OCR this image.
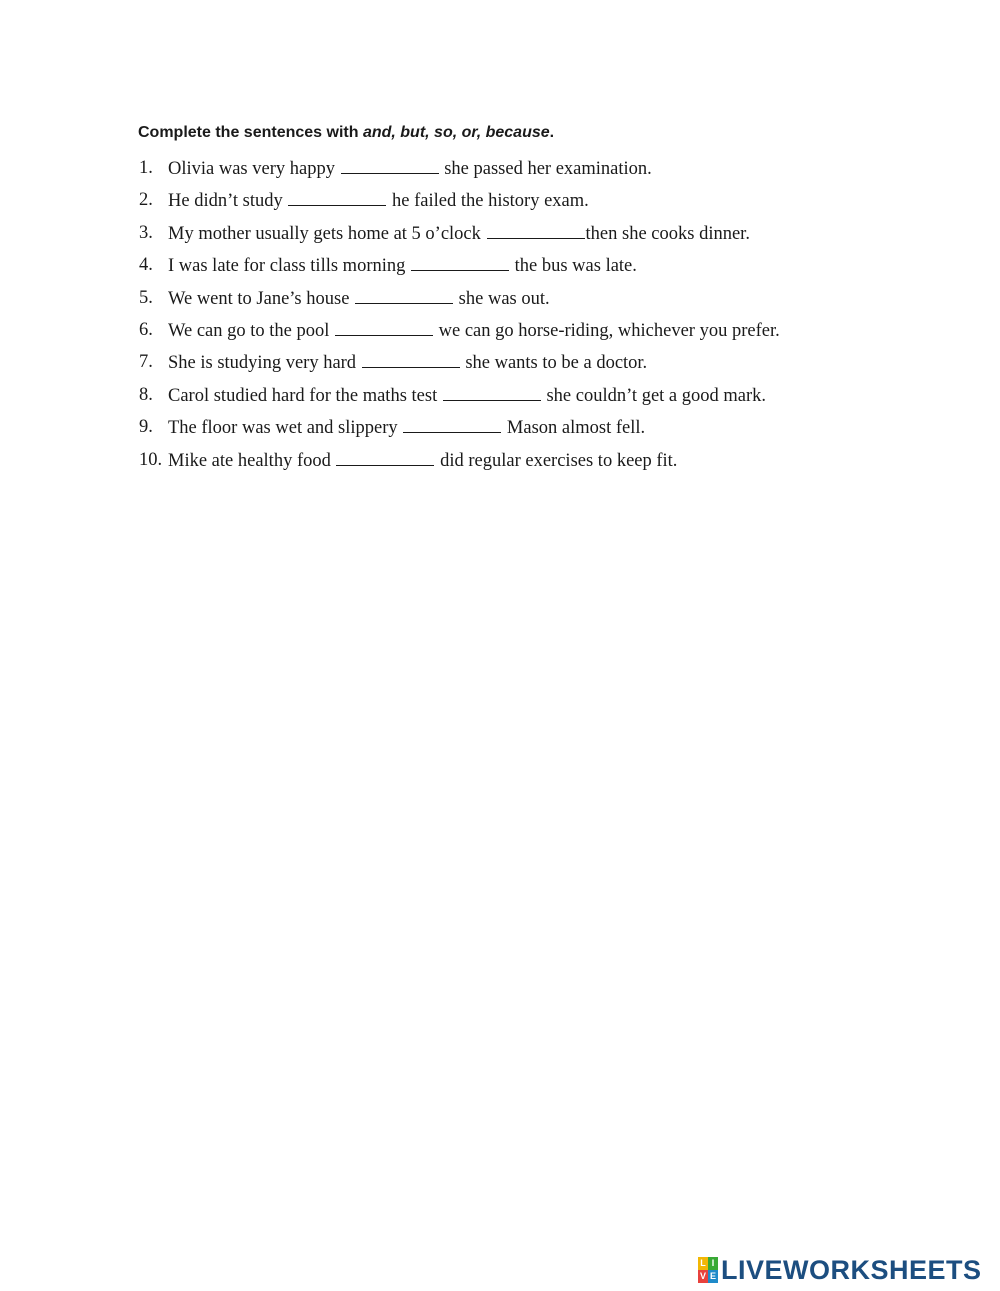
Complete the sentences with and, but, so, or, because.
1. Olivia was very happy	she passed her examination.
2. He didn’t study	he failed the history exam.
3. My mother usually gets home at 5 o’clock	then she cooks dinner.
4. I was late for class tills morning	the bus was late.
5. We went to Jane’s house	she was out.
6. We can go to the pool	we can go horse-riding, whichever you prefer.
7. She is studying very hard	she wants to be a doctor.
8. Carol studied hard for the maths test	she couldn’t get a good mark.
9. The floor was wet and slippery	Mason almost fell.
10. Mike ate healthy food	did regular exercises to keep fit.
L I
V E LIVEWORKSHEETS
